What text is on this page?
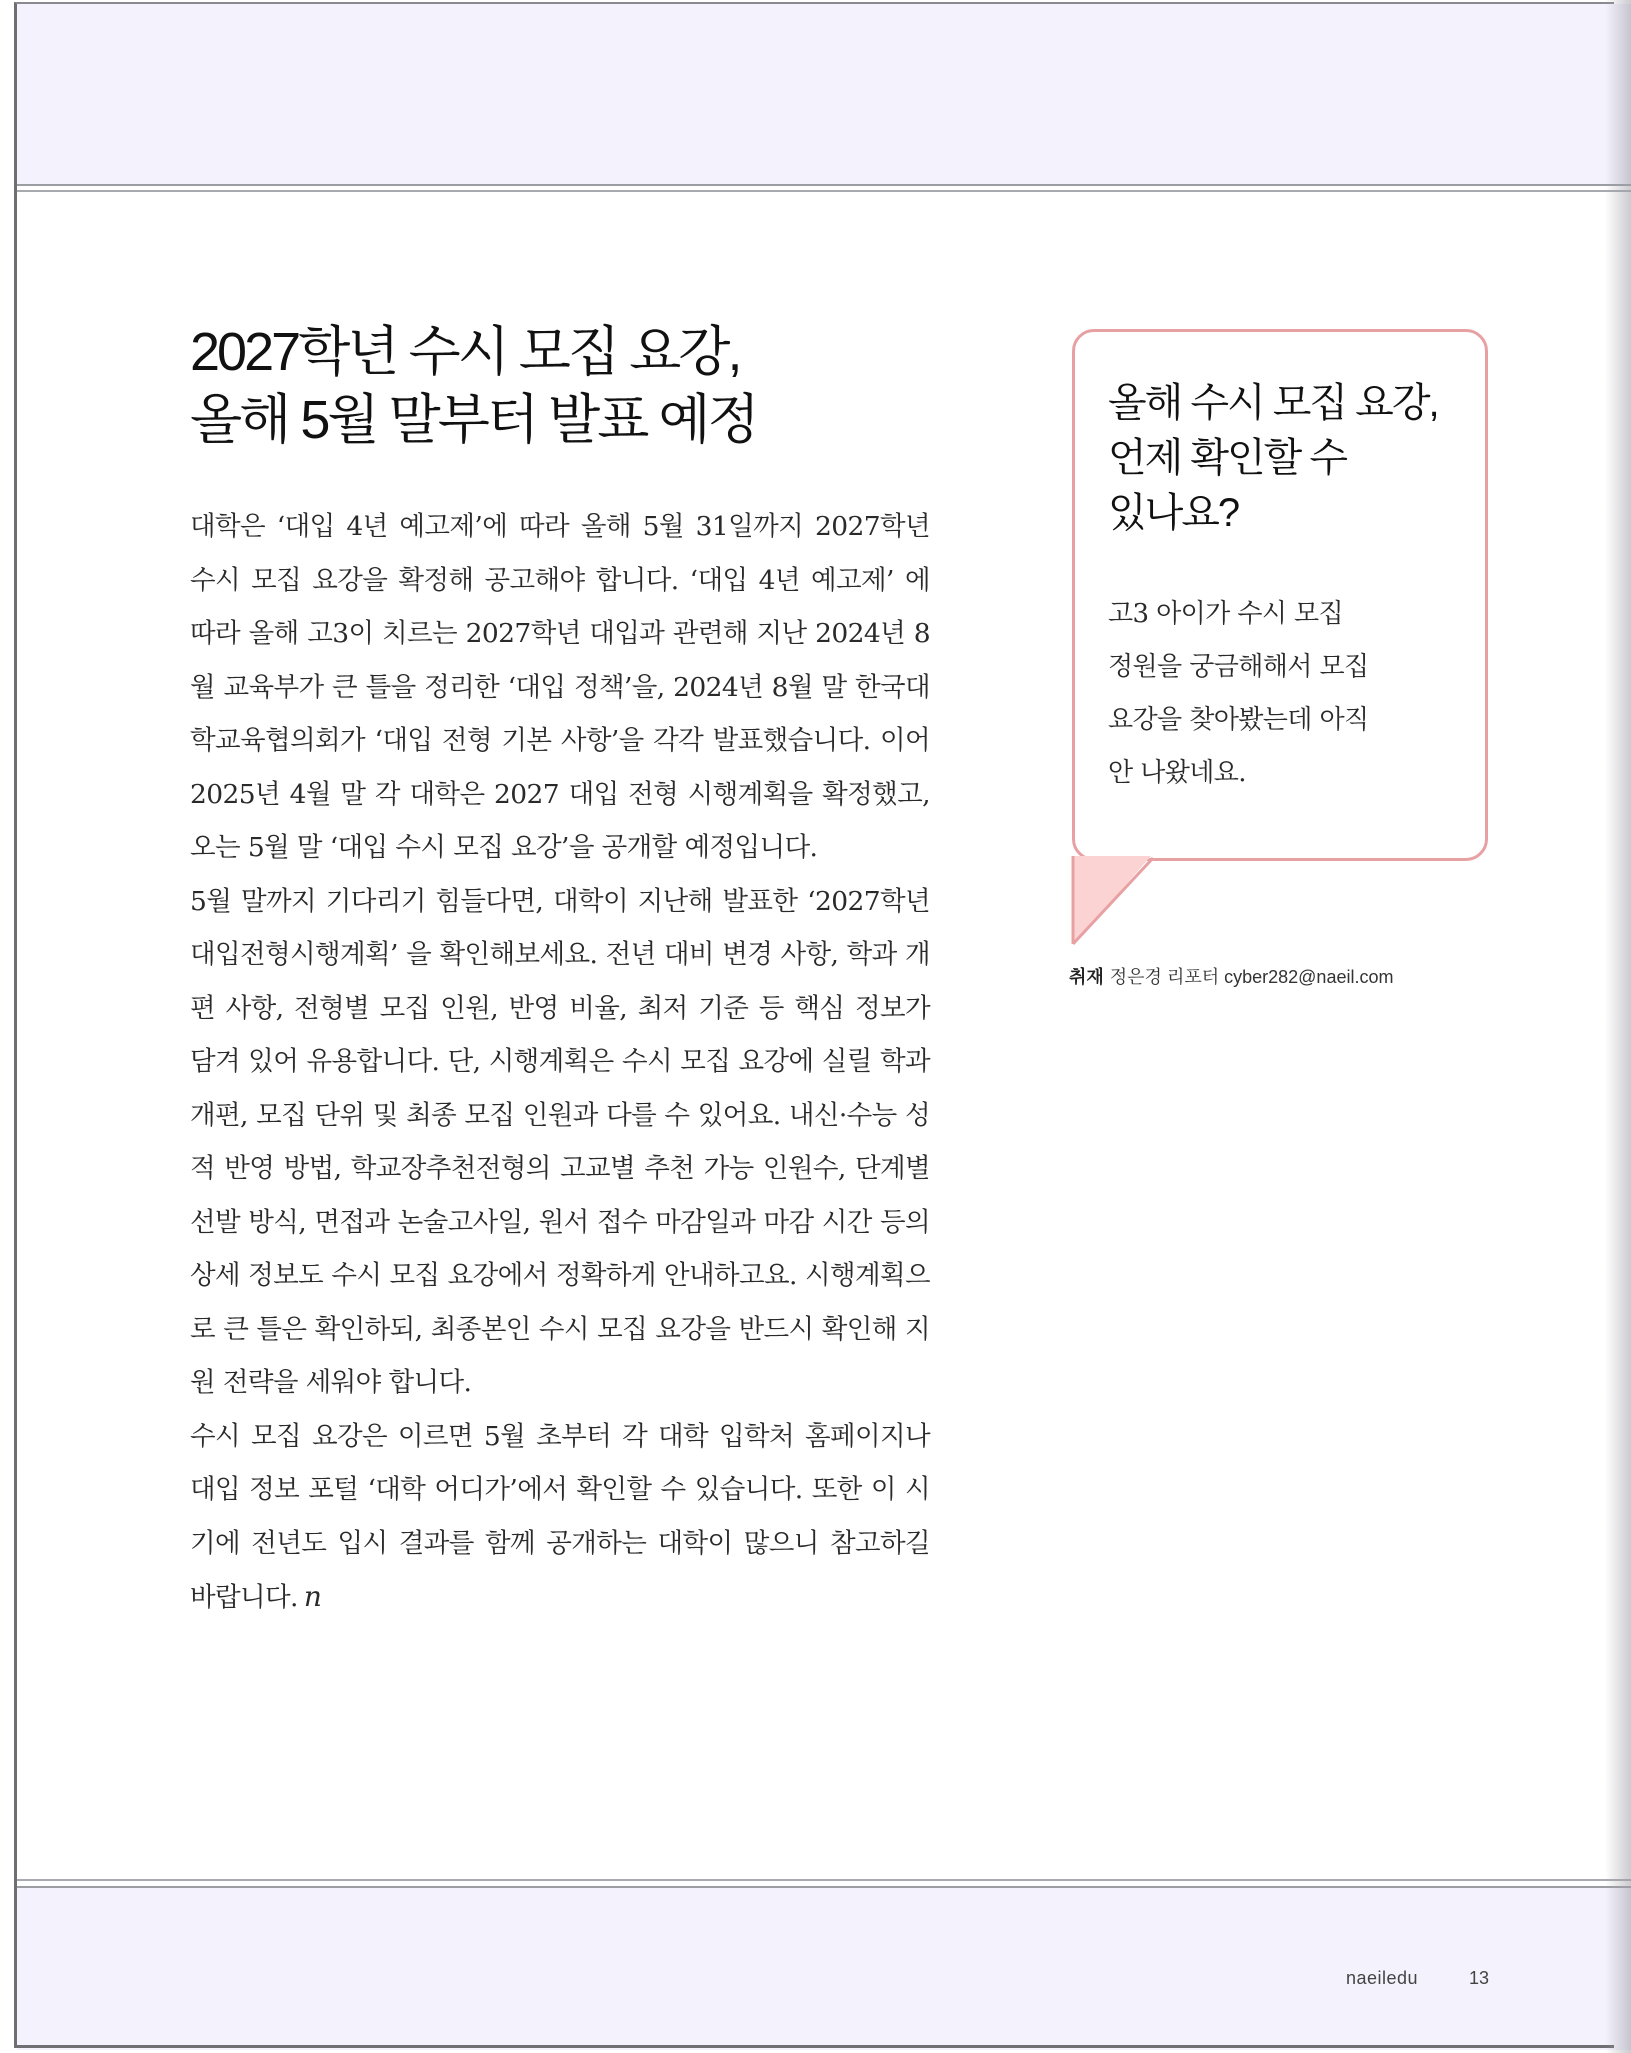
2027학년 수시 모집 요강,
올해 5월 말부터 발표 예정

대학은 ‘대입 4년 예고제’에 따라 올해 5월 31일까지 2027학년 수시 모집 요강을 확정해 공고해야 합니다. ‘대입 4년 예고제’ 에 따라 올해 고3이 치르는 2027학년 대입과 관련해 지난 2024년 8월 교육부가 큰 틀을 정리한 ‘대입 정책’을, 2024년 8월 말 한국대학교육협의회가 ‘대입 전형 기본 사항’을 각각 발표했습니다. 이어 2025년 4월 말 각 대학은 2027 대입 전형 시행계획을 확정했고, 오는 5월 말 ‘대입 수시 모집 요강’을 공개할 예정입니다.

5월 말까지 기다리기 힘들다면, 대학이 지난해 발표한 ‘2027학년 대입전형시행계획’ 을 확인해보세요. 전년 대비 변경 사항, 학과 개편 사항, 전형별 모집 인원, 반영 비율, 최저 기준 등 핵심 정보가 담겨 있어 유용합니다. 단, 시행계획은 수시 모집 요강에 실릴 학과 개편, 모집 단위 및 최종 모집 인원과 다를 수 있어요. 내신·수능 성적 반영 방법, 학교장추천전형의 고교별 추천 가능 인원수, 단계별 선발 방식, 면접과 논술고사일, 원서 접수 마감일과 마감 시간 등의 상세 정보도 수시 모집 요강에서 정확하게 안내하고요. 시행계획으로 큰 틀은 확인하되, 최종본인 수시 모집 요강을 반드시 확인해 지원 전략을 세워야 합니다.

수시 모집 요강은 이르면 5월 초부터 각 대학 입학처 홈페이지나 대입 정보 포털 ‘대학 어디가’에서 확인할 수 있습니다. 또한 이 시기에 전년도 입시 결과를 함께 공개하는 대학이 많으니 참고하길 바랍니다. n

올해 수시 모집 요강,
언제 확인할 수
있나요?
고3 아이가 수시 모집
정원을 궁금해해서 모집
요강을 찾아봤는데 아직
안 나왔네요.
취재 정은경 리포터 cyber282@naeil.com
naeiledu	13
